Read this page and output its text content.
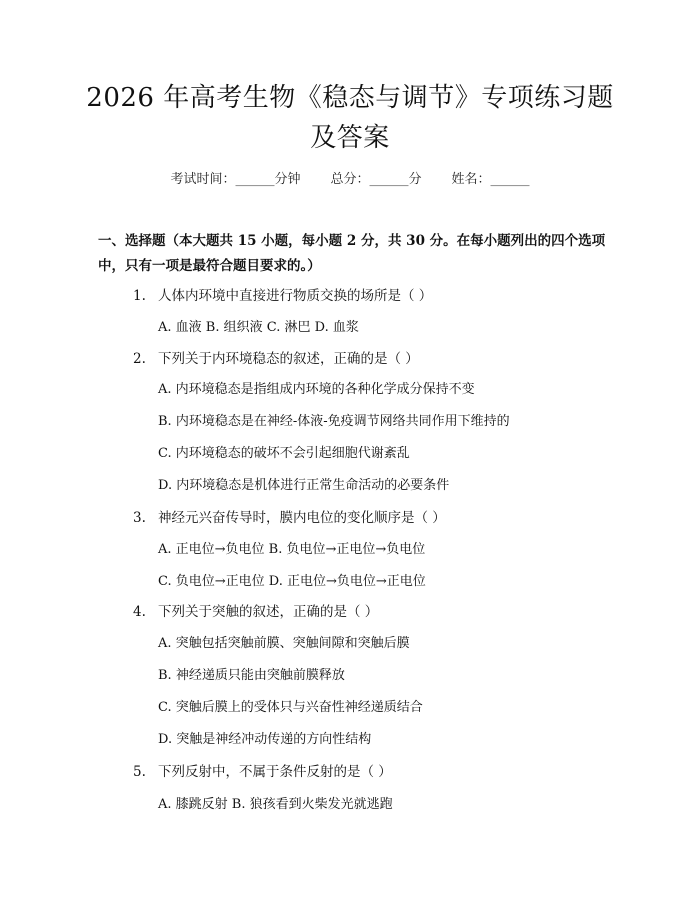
2026 年高考生物《稳态与调节》专项练习题
及答案
考试时间：______分钟 总分：______分 姓名：______
一、选择题（本大题共 15 小题，每小题 2 分，共 30 分。在每小题列出的四个选项中，只有一项是最符合题目要求的。）
1. 人体内环境中直接进行物质交换的场所是（ ）
A. 血液 B. 组织液 C. 淋巴 D. 血浆
2. 下列关于内环境稳态的叙述，正确的是（ ）
A. 内环境稳态是指组成内环境的各种化学成分保持不变
B. 内环境稳态是在神经-体液-免疫调节网络共同作用下维持的
C. 内环境稳态的破坏不会引起细胞代谢紊乱
D. 内环境稳态是机体进行正常生命活动的必要条件
3. 神经元兴奋传导时，膜内电位的变化顺序是（ ）
A. 正电位→负电位 B. 负电位→正电位→负电位
C. 负电位→正电位 D. 正电位→负电位→正电位
4. 下列关于突触的叙述，正确的是（ ）
A. 突触包括突触前膜、突触间隙和突触后膜
B. 神经递质只能由突触前膜释放
C. 突触后膜上的受体只与兴奋性神经递质结合
D. 突触是神经冲动传递的方向性结构
5. 下列反射中，不属于条件反射的是（ ）
A. 膝跳反射 B. 狼孩看到火柴发光就逃跑
